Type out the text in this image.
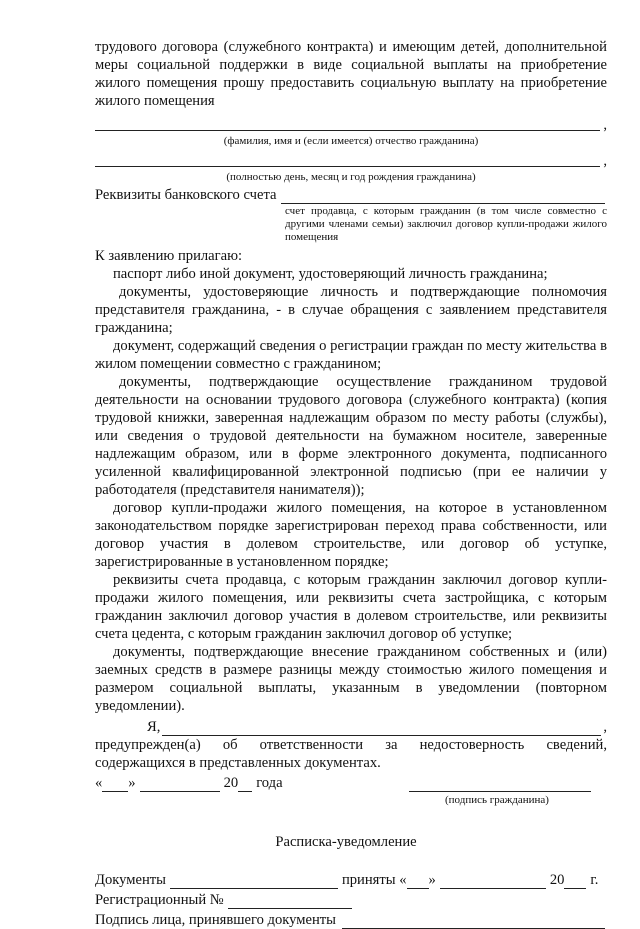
трудового договора (служебного контракта) и имеющим детей, дополнительной меры социальной поддержки в виде социальной выплаты на приобретение жилого помещения прошу предоставить социальную выплату на приобретение жилого помещения
,
(фамилия, имя и (если имеется) отчество гражданина)
,
(полностью день, месяц и год рождения гражданина)
Реквизиты банковского счета
счет продавца, с которым гражданин (в том числе совместно с другими членами семьи) заключил договор купли-продажи жилого помещения
К заявлению прилагаю:
паспорт либо иной документ, удостоверяющий личность гражданина;
документы, удостоверяющие личность и подтверждающие полномочия представителя гражданина, - в случае обращения с заявлением представителя гражданина;
документ, содержащий сведения о регистрации граждан по месту жительства в жилом помещении совместно с гражданином;
документы, подтверждающие осуществление гражданином трудовой деятельности на основании трудового договора (служебного контракта) (копия трудовой книжки, заверенная надлежащим образом по месту работы (службы), или сведения о трудовой деятельности на бумажном носителе, заверенные надлежащим образом, или в форме электронного документа, подписанного усиленной квалифицированной электронной подписью (при ее наличии у работодателя (представителя нанимателя));
договор купли-продажи жилого помещения, на которое в установленном законодательством порядке зарегистрирован переход права собственности, или договор участия в долевом строительстве, или договор об уступке, зарегистрированные в установленном порядке;
реквизиты счета продавца, с которым гражданин заключил договор купли-продажи жилого помещения, или реквизиты счета застройщика, с которым гражданин заключил договор участия в долевом строительстве, или реквизиты счета цедента, с которым гражданин заключил договор об уступке;
документы, подтверждающие внесение гражданином собственных и (или) заемных средств в размере разницы между стоимостью жилого помещения и размером социальной выплаты, указанным в уведомлении (повторном уведомлении).
Я,	,
предупрежден(а) об ответственности за недостоверность сведений, содержащихся в представленных документах.
« »	20 года
(подпись гражданина)
Расписка-уведомление
Документы	приняты « »	20 г.
Регистрационный №
Подпись лица, принявшего документы
